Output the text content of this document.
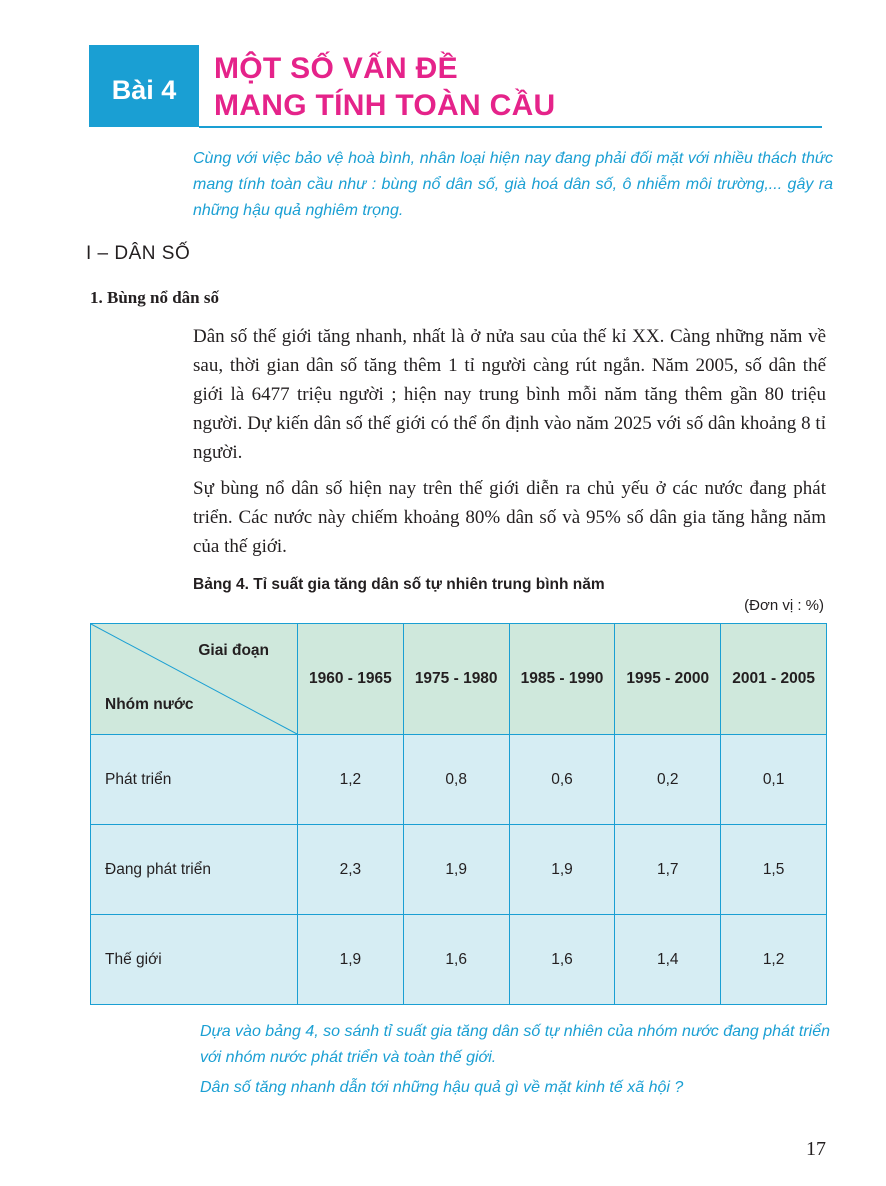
Bài 4
MỘT SỐ VẤN ĐỀ
MANG TÍNH TOÀN CẦU
Cùng với việc bảo vệ hoà bình, nhân loại hiện nay đang phải đối mặt với nhiều thách thức mang tính toàn cầu như : bùng nổ dân số, già hoá dân số, ô nhiễm môi trường,... gây ra những hậu quả nghiêm trọng.
I – DÂN SỐ
1. Bùng nổ dân số

Dân số thế giới tăng nhanh, nhất là ở nửa sau của thế kỉ XX. Càng những năm về sau, thời gian dân số tăng thêm 1 tỉ người càng rút ngắn. Năm 2005, số dân thế giới là 6477 triệu người ; hiện nay trung bình mỗi năm tăng thêm gần 80 triệu người. Dự kiến dân số thế giới có thể ổn định vào năm 2025 với số dân khoảng 8 tỉ người.

Sự bùng nổ dân số hiện nay trên thế giới diễn ra chủ yếu ở các nước đang phát triển. Các nước này chiếm khoảng 80% dân số và 95% số dân gia tăng hằng năm của thế giới.

Bảng 4. Tỉ suất gia tăng dân số tự nhiên trung bình năm
(Đơn vị : %)
Giai đoạn
Nhóm nước	1960 - 1965	1975 - 1980	1985 - 1990	1995 - 2000	2001 - 2005
Phát triển	1,2	0,8	0,6	0,2	0,1
Đang phát triển	2,3	1,9	1,9	1,7	1,5
Thế giới	1,9	1,6	1,6	1,4	1,2

Dựa vào bảng 4, so sánh tỉ suất gia tăng dân số tự nhiên của nhóm nước đang phát triển với nhóm nước phát triển và toàn thế giới.

Dân số tăng nhanh dẫn tới những hậu quả gì về mặt kinh tế xã hội ?

17
